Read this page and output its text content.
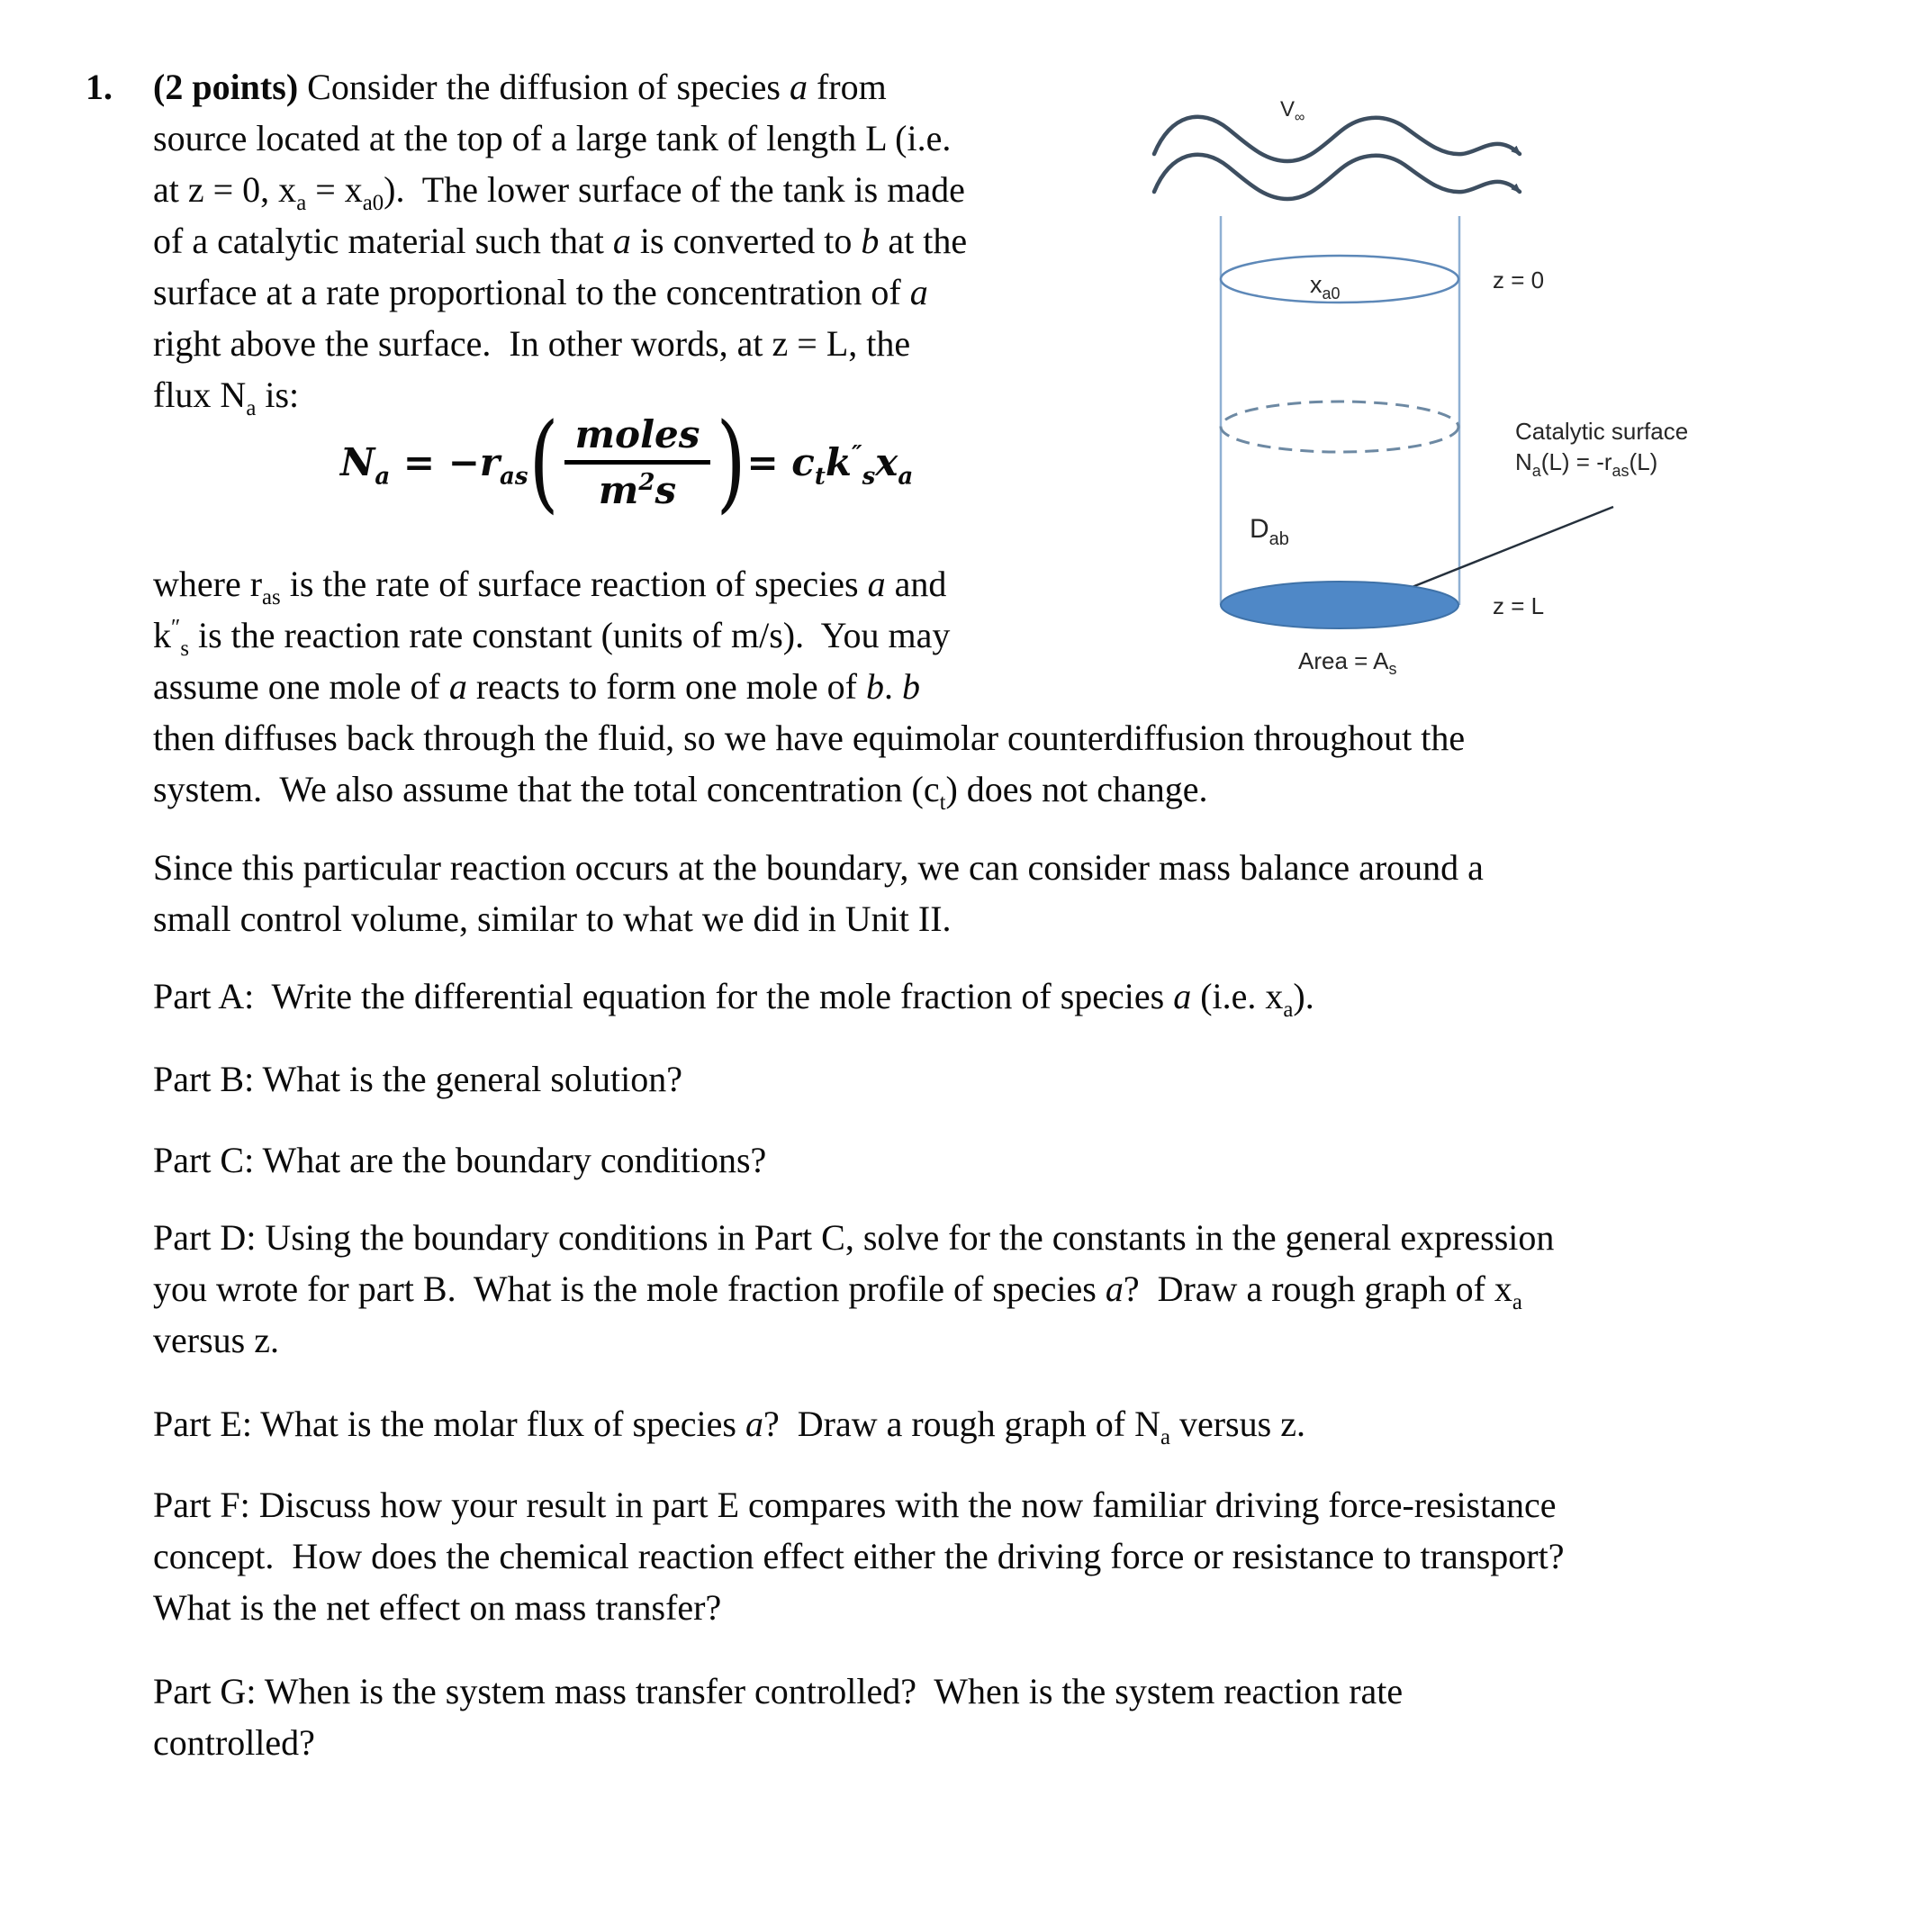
1. (2 points) Consider the diffusion of species a from
source located at the top of a large tank of length L (i.e.
at z = 0, $x_a = x_{a0}$).  The lower surface of the tank is made
of a catalytic material such that a is converted to b at the
surface at a rate proportional to the concentration of a
right above the surface.  In other words, at z = L, the
flux $N_a$ is:
$N_a = -r_{as}$ ( $\frac{\text{moles}}{m^2s}$ ) = $c_tk''_sx_a$
where $r_{as}$ is the rate of surface reaction of species a and
$k''_s$ is the reaction rate constant (units of m/s).  You may
assume one mole of a reacts to form one mole of b. b
then diffuses back through the fluid, so we have equimolar counterdiffusion throughout the
system.  We also assume that the total concentration $(c_t)$ does not change.
Since this particular reaction occurs at the boundary, we can consider mass balance around a
small control volume, similar to what we did in Unit II.
Part A:  Write the differential equation for the mole fraction of species a (i.e. $x_a$).
Part B: What is the general solution?
Part C: What are the boundary conditions?
Part D: Using the boundary conditions in Part C, solve for the constants in the general expression
you wrote for part B.  What is the mole fraction profile of species a?  Draw a rough graph of $x_a$
versus z.
Part E: What is the molar flux of species a?  Draw a rough graph of $N_a$ versus z.
Part F: Discuss how your result in part E compares with the now familiar driving force-resistance
concept.  How does the chemical reaction effect either the driving force or resistance to transport?
What is the net effect on mass transfer?
Part G: When is the system mass transfer controlled?  When is the system reaction rate
controlled?
$V_\infty$
$x_{a0}$	z = 0
Catalytic surface
$N_a(L) = -r_{as}(L)$
$D_{ab}$
z = L
Area = $A_s$
